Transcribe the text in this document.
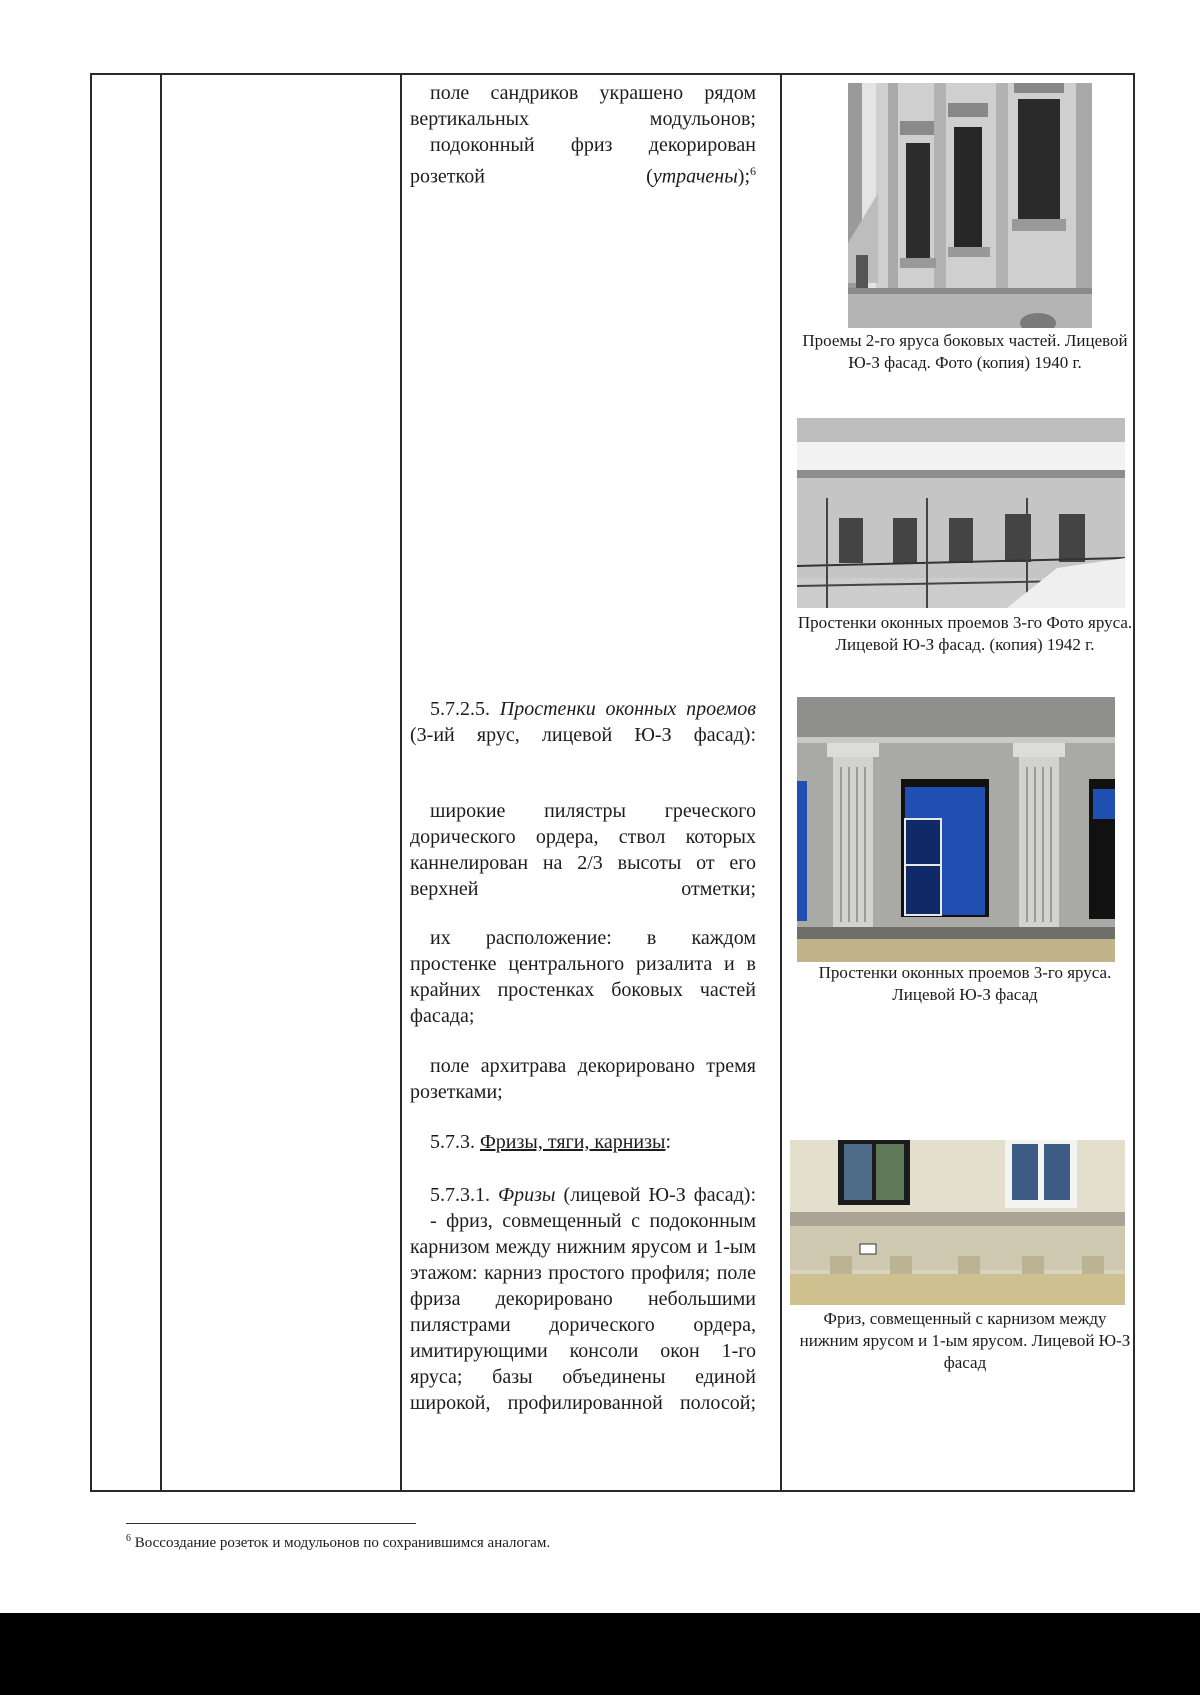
поле сандриков украшено рядом вертикальных модульонов;

подоконный фриз декорирован розеткой (утрачены);$^6$

5.7.2.5. Простенки оконных проемов (3-ий ярус, лицевой Ю-З фасад):

широкие пилястры греческого дорического ордера, ствол которых каннелирован на 2/3 высоты от его верхней отметки;

их расположение: в каждом простенке центрального ризалита и в крайних простенках боковых частей фасада;

поле архитрава декорировано тремя розетками;

5.7.3. Фризы, тяги, карнизы:

5.7.3.1. Фризы (лицевой Ю-З фасад):

- фриз, совмещенный с подоконным карнизом между нижним ярусом и 1-ым этажом: карниз простого профиля; поле фриза декорировано небольшими пилястрами дорического ордера, имитирующими консоли окон 1-го яруса; базы объединены единой широкой, профилированной полосой;

Проемы 2-го яруса боковых частей. Лицевой Ю-З фасад. Фото (копия) 1940 г.
Простенки оконных проемов 3-го Фото яруса. Лицевой Ю-З фасад. (копия) 1942 г.
Простенки оконных проемов 3-го яруса. Лицевой Ю-З фасад
Фриз, совмещенный с карнизом между нижним ярусом и 1-ым ярусом. Лицевой Ю-З фасад
$^6$ Воссоздание розеток и модульонов по сохранившимся аналогам.
